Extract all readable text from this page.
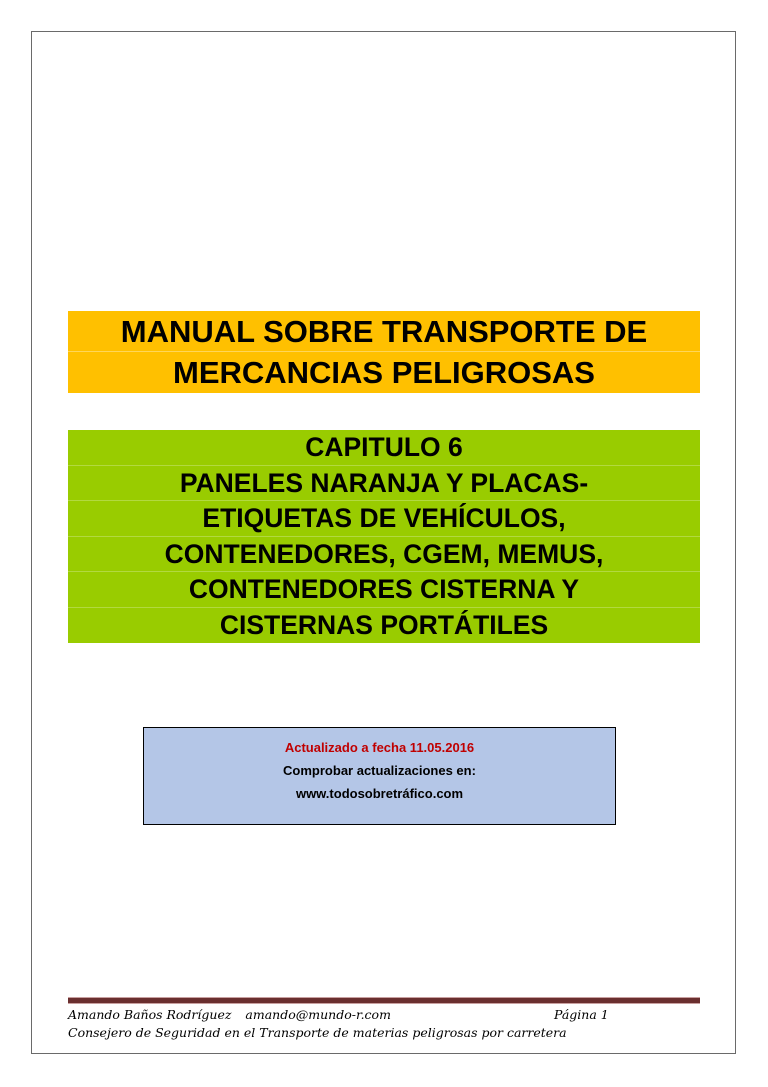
MANUAL SOBRE TRANSPORTE DE
MERCANCIAS PELIGROSAS
CAPITULO 6
PANELES NARANJA Y PLACAS-
ETIQUETAS DE VEHÍCULOS,
CONTENEDORES, CGEM, MEMUS,
CONTENEDORES CISTERNA Y
CISTERNAS PORTÁTILES
Actualizado a fecha 11.05.2016
Comprobar actualizaciones en:
www.todosobretráfico.com
Amando Baños Rodríguez amando@mundo-r.com	Página 1
Consejero de Seguridad en el Transporte de materias peligrosas por carretera
